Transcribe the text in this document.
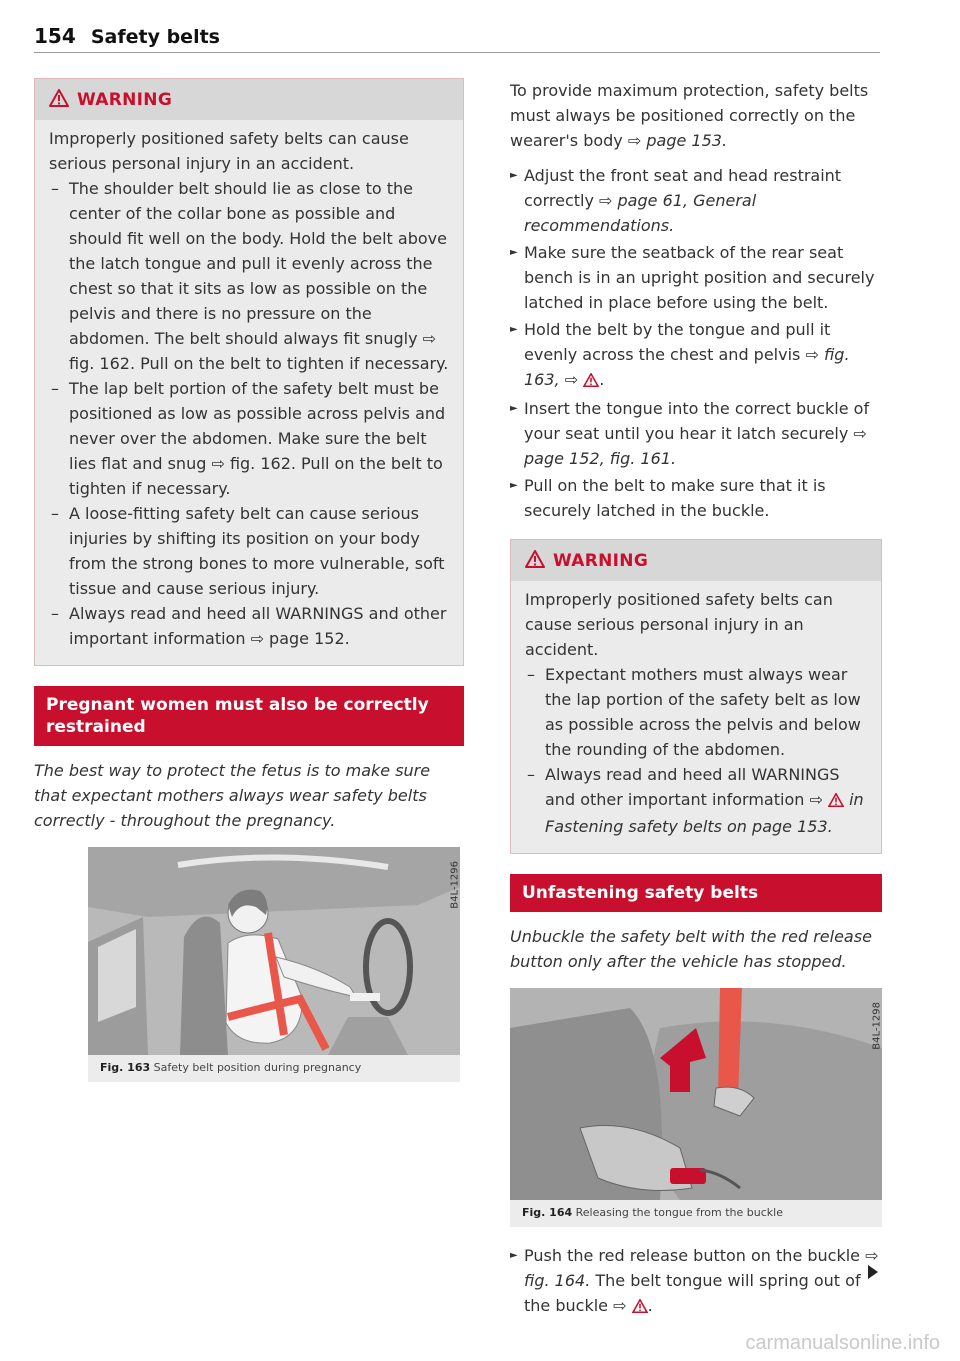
154 Safety belts
WARNING

Improperly positioned safety belts can cause serious personal injury in an accident.

– The shoulder belt should lie as close to the center of the collar bone as possible and should fit well on the body. Hold the belt above the latch tongue and pull it evenly across the chest so that it sits as low as possible on the pelvis and there is no pressure on the abdomen. The belt should always fit snugly ⇨ fig. 162. Pull on the belt to tighten if necessary.

– The lap belt portion of the safety belt must be positioned as low as possible across pelvis and never over the abdomen. Make sure the belt lies flat and snug ⇨ fig. 162. Pull on the belt to tighten if necessary.

– A loose-fitting safety belt can cause serious injuries by shifting its position on your body from the strong bones to more vulnerable, soft tissue and cause serious injury.

– Always read and heed all WARNINGS and other important information ⇨ page 152.

Pregnant women must also be correctly restrained
The best way to protect the fetus is to make sure that expectant mothers always wear safety belts correctly - throughout the pregnancy.
Fig. 163 Safety belt position during pregnancy
B4L-1296
To provide maximum protection, safety belts must always be positioned correctly on the wearer's body ⇨ page 153.
► Adjust the front seat and head restraint correctly ⇨ page 61, General recommendations.
► Make sure the seatback of the rear seat bench is in an upright position and securely latched in place before using the belt.
► Hold the belt by the tongue and pull it evenly across the chest and pelvis ⇨ fig. 163, ⇨ .
► Insert the tongue into the correct buckle of your seat until you hear it latch securely ⇨ page 152, fig. 161.
► Pull on the belt to make sure that it is securely latched in the buckle.
WARNING

Improperly positioned safety belts can cause serious personal injury in an accident.

– Expectant mothers must always wear the lap portion of the safety belt as low as possible across the pelvis and below the rounding of the abdomen.

– Always read and heed all WARNINGS and other important information ⇨ in Fastening safety belts on page 153.

Unfastening safety belts
Unbuckle the safety belt with the red release button only after the vehicle has stopped.
Fig. 164 Releasing the tongue from the buckle
B4L-1298
► Push the red release button on the buckle ⇨ fig. 164. The belt tongue will spring out of the buckle ⇨ .
carmanualsonline.info
